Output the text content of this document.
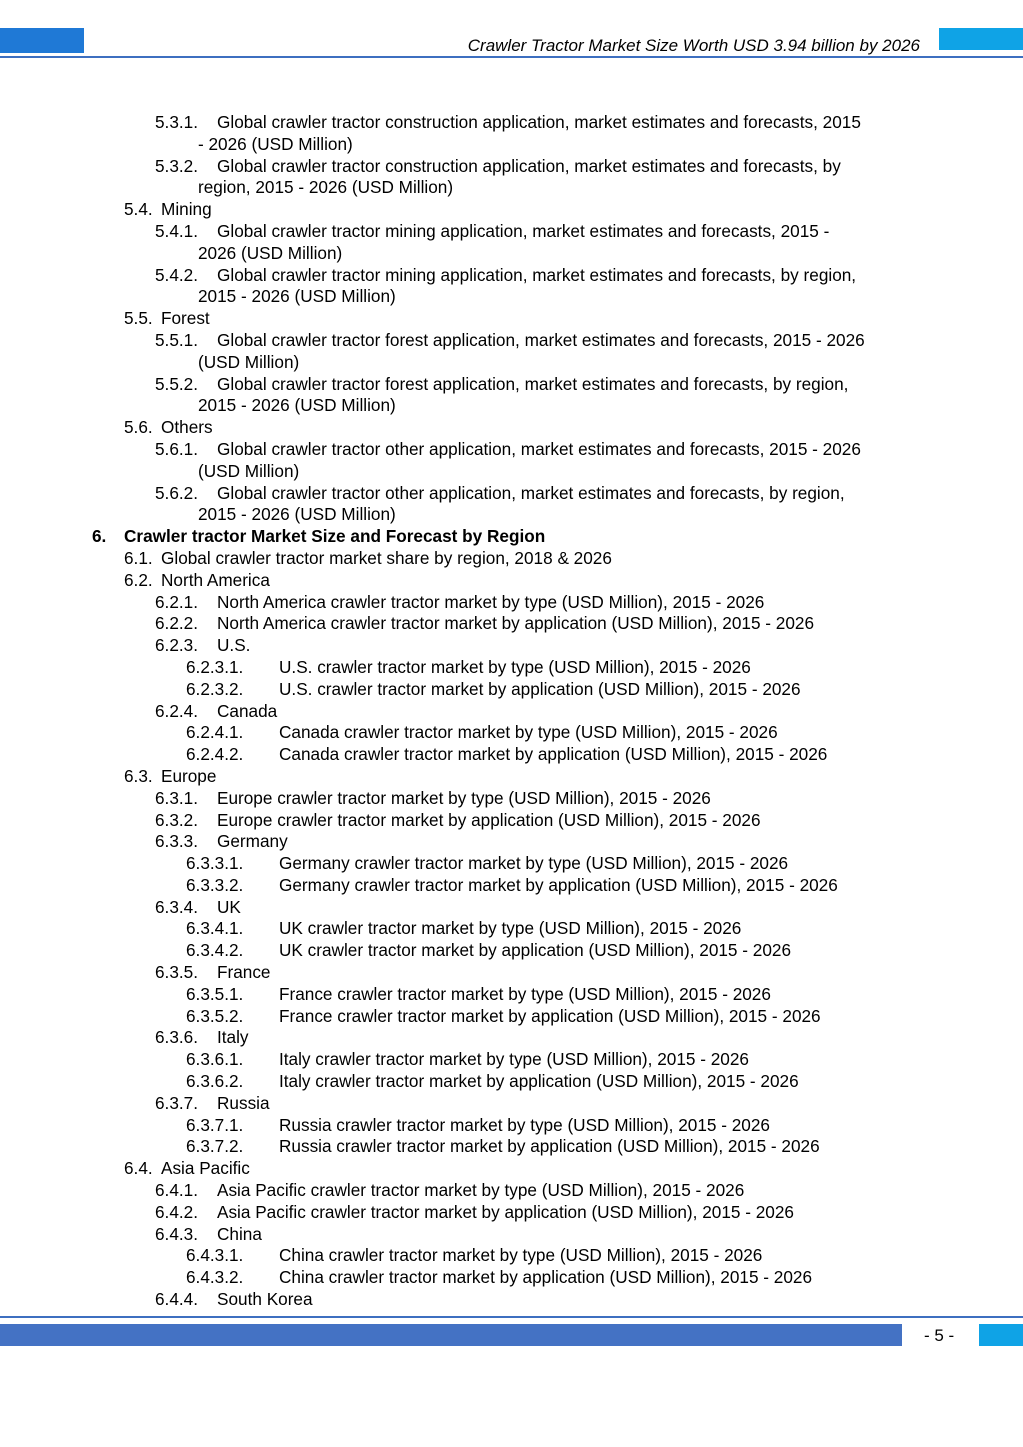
Crawler Tractor Market Size Worth USD 3.94 billion by 2026
5.3.1. Global crawler tractor construction application, market estimates and forecasts, 2015
- 2026 (USD Million)
5.3.2. Global crawler tractor construction application, market estimates and forecasts, by
region, 2015 - 2026 (USD Million)
5.4. Mining
5.4.1. Global crawler tractor mining application, market estimates and forecasts, 2015 -
2026 (USD Million)
5.4.2. Global crawler tractor mining application, market estimates and forecasts, by region,
2015 - 2026 (USD Million)
5.5. Forest
5.5.1. Global crawler tractor forest application, market estimates and forecasts, 2015 - 2026
(USD Million)
5.5.2. Global crawler tractor forest application, market estimates and forecasts, by region,
2015 - 2026 (USD Million)
5.6. Others
5.6.1. Global crawler tractor other application, market estimates and forecasts, 2015 - 2026
(USD Million)
5.6.2. Global crawler tractor other application, market estimates and forecasts, by region,
2015 - 2026 (USD Million)
6. Crawler tractor Market Size and Forecast by Region
6.1. Global crawler tractor market share by region, 2018 & 2026
6.2. North America
6.2.1. North America crawler tractor market by type (USD Million), 2015 - 2026
6.2.2. North America crawler tractor market by application (USD Million), 2015 - 2026
6.2.3. U.S.
6.2.3.1. U.S. crawler tractor market by type (USD Million), 2015 - 2026
6.2.3.2. U.S. crawler tractor market by application (USD Million), 2015 - 2026
6.2.4. Canada
6.2.4.1. Canada crawler tractor market by type (USD Million), 2015 - 2026
6.2.4.2. Canada crawler tractor market by application (USD Million), 2015 - 2026
6.3. Europe
6.3.1. Europe crawler tractor market by type (USD Million), 2015 - 2026
6.3.2. Europe crawler tractor market by application (USD Million), 2015 - 2026
6.3.3. Germany
6.3.3.1. Germany crawler tractor market by type (USD Million), 2015 - 2026
6.3.3.2. Germany crawler tractor market by application (USD Million), 2015 - 2026
6.3.4. UK
6.3.4.1. UK crawler tractor market by type (USD Million), 2015 - 2026
6.3.4.2. UK crawler tractor market by application (USD Million), 2015 - 2026
6.3.5. France
6.3.5.1. France crawler tractor market by type (USD Million), 2015 - 2026
6.3.5.2. France crawler tractor market by application (USD Million), 2015 - 2026
6.3.6. Italy
6.3.6.1. Italy crawler tractor market by type (USD Million), 2015 - 2026
6.3.6.2. Italy crawler tractor market by application (USD Million), 2015 - 2026
6.3.7. Russia
6.3.7.1. Russia crawler tractor market by type (USD Million), 2015 - 2026
6.3.7.2. Russia crawler tractor market by application (USD Million), 2015 - 2026
6.4. Asia Pacific
6.4.1. Asia Pacific crawler tractor market by type (USD Million), 2015 - 2026
6.4.2. Asia Pacific crawler tractor market by application (USD Million), 2015 - 2026
6.4.3. China
6.4.3.1. China crawler tractor market by type (USD Million), 2015 - 2026
6.4.3.2. China crawler tractor market by application (USD Million), 2015 - 2026
6.4.4. South Korea
- 5 -
